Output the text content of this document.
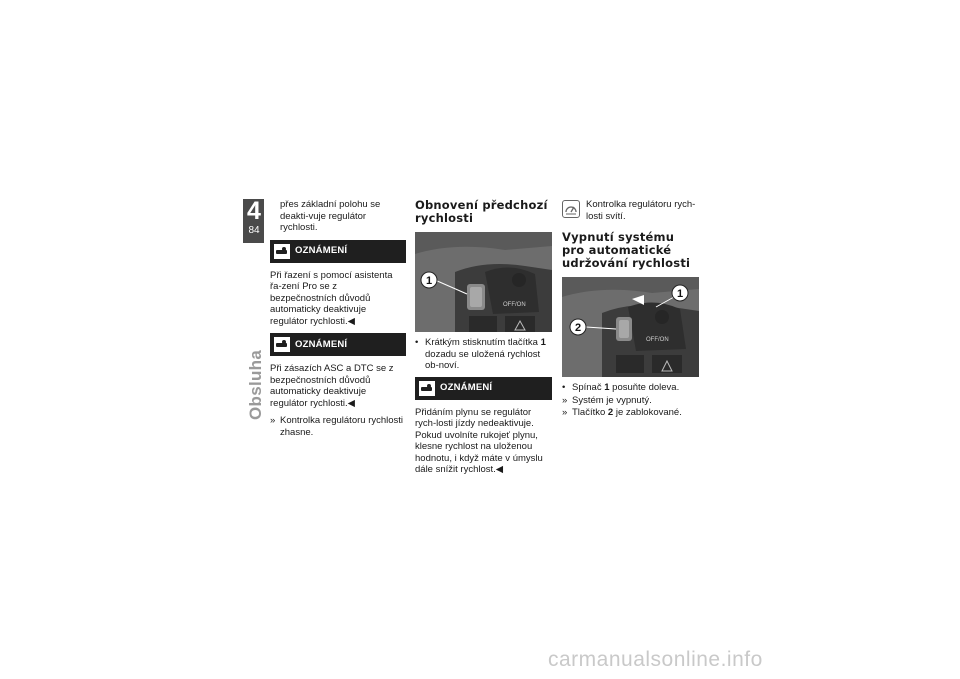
4
84
Obsluha

přes základní polohu se deakti-vuje regulátor rychlosti.

OZNÁMENÍ

Při řazení s pomocí asistenta řa-zení Pro se z bezpečnostních důvodů automaticky deaktivuje regulátor rychlosti.◀

OZNÁMENÍ

Při zásazích ASC a DTC se z bezpečnostních důvodů automaticky deaktivuje regulátor rychlosti.◀

» Kontrolka regulátoru rychlosti zhasne.
Obnovení předchozí rychlosti
OFF/ON
1
• Krátkým stisknutím tlačítka 1 dozadu se uložená rychlost ob-noví.
OZNÁMENÍ

Přidáním plynu se regulátor rych-losti jízdy nedeaktivuje. Pokud uvolníte rukojeť plynu, klesne rychlost na uloženou hodnotu, i když máte v úmyslu dále snížit rychlost.◀

Kontrolka regulátoru rych-losti svítí.
Vypnutí systému pro automatické udržování rychlosti
OFF/ON
1
2
• Spínač 1 posuňte doleva.
» Systém je vypnutý.
» Tlačítko 2 je zablokované.
carmanualsonline.info
